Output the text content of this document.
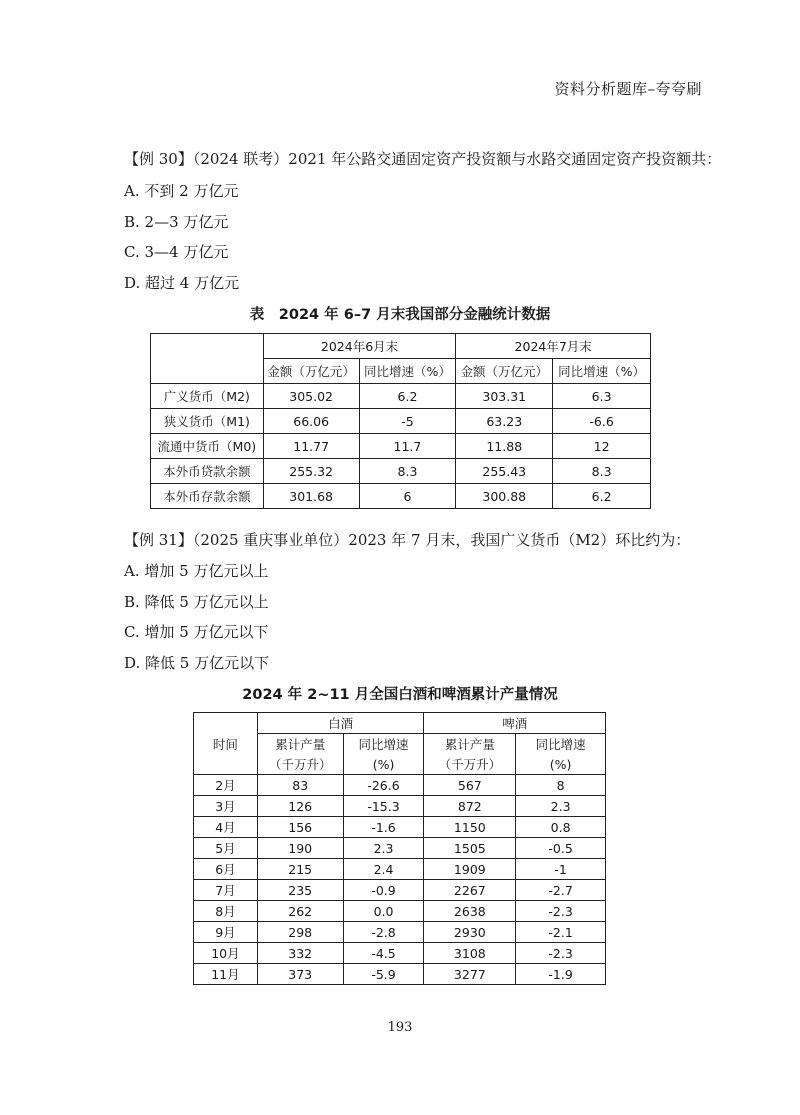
资料分析题库–夸夸刷
【例 30】（2024 联考）2021 年公路交通固定资产投资额与水路交通固定资产投资额共：
A. 不到 2 万亿元
B. 2—3 万亿元
C. 3—4 万亿元
D. 超过 4 万亿元
表　2024 年 6–7 月末我国部分金融统计数据
	2024年6月末		2024年7月末	
	金额（万亿元）	同比增速（%）	金额（万亿元）	同比增速（%）
广义货币（M2)	305.02	6.2	303.31	6.3
狭义货币（M1)	66.06	-5	63.23	-6.6
流通中货币（M0)	11.77	11.7	11.88	12
本外币贷款余额	255.32	8.3	255.43	8.3
本外币存款余额	301.68	6	300.88	6.2
【例 31】（2025 重庆事业单位）2023 年 7 月末，我国广义货币（M2）环比约为：
A. 增加 5 万亿元以上
B. 降低 5 万亿元以上
C. 增加 5 万亿元以下
D. 降低 5 万亿元以下
2024 年 2~11 月全国白酒和啤酒累计产量情况
时间	白酒		啤酒	
	累计产量	同比增速	累计产量	同比增速
	（千万升）	(%)	（千万升）	(%)
2月	83	-26.6	567	8
3月	126	-15.3	872	2.3
4月	156	-1.6	1150	0.8
5月	190	2.3	1505	-0.5
6月	215	2.4	1909	-1
7月	235	-0.9	2267	-2.7
8月	262	0.0	2638	-2.3
9月	298	-2.8	2930	-2.1
10月	332	-4.5	3108	-2.3
11月	373	-5.9	3277	-1.9
193
